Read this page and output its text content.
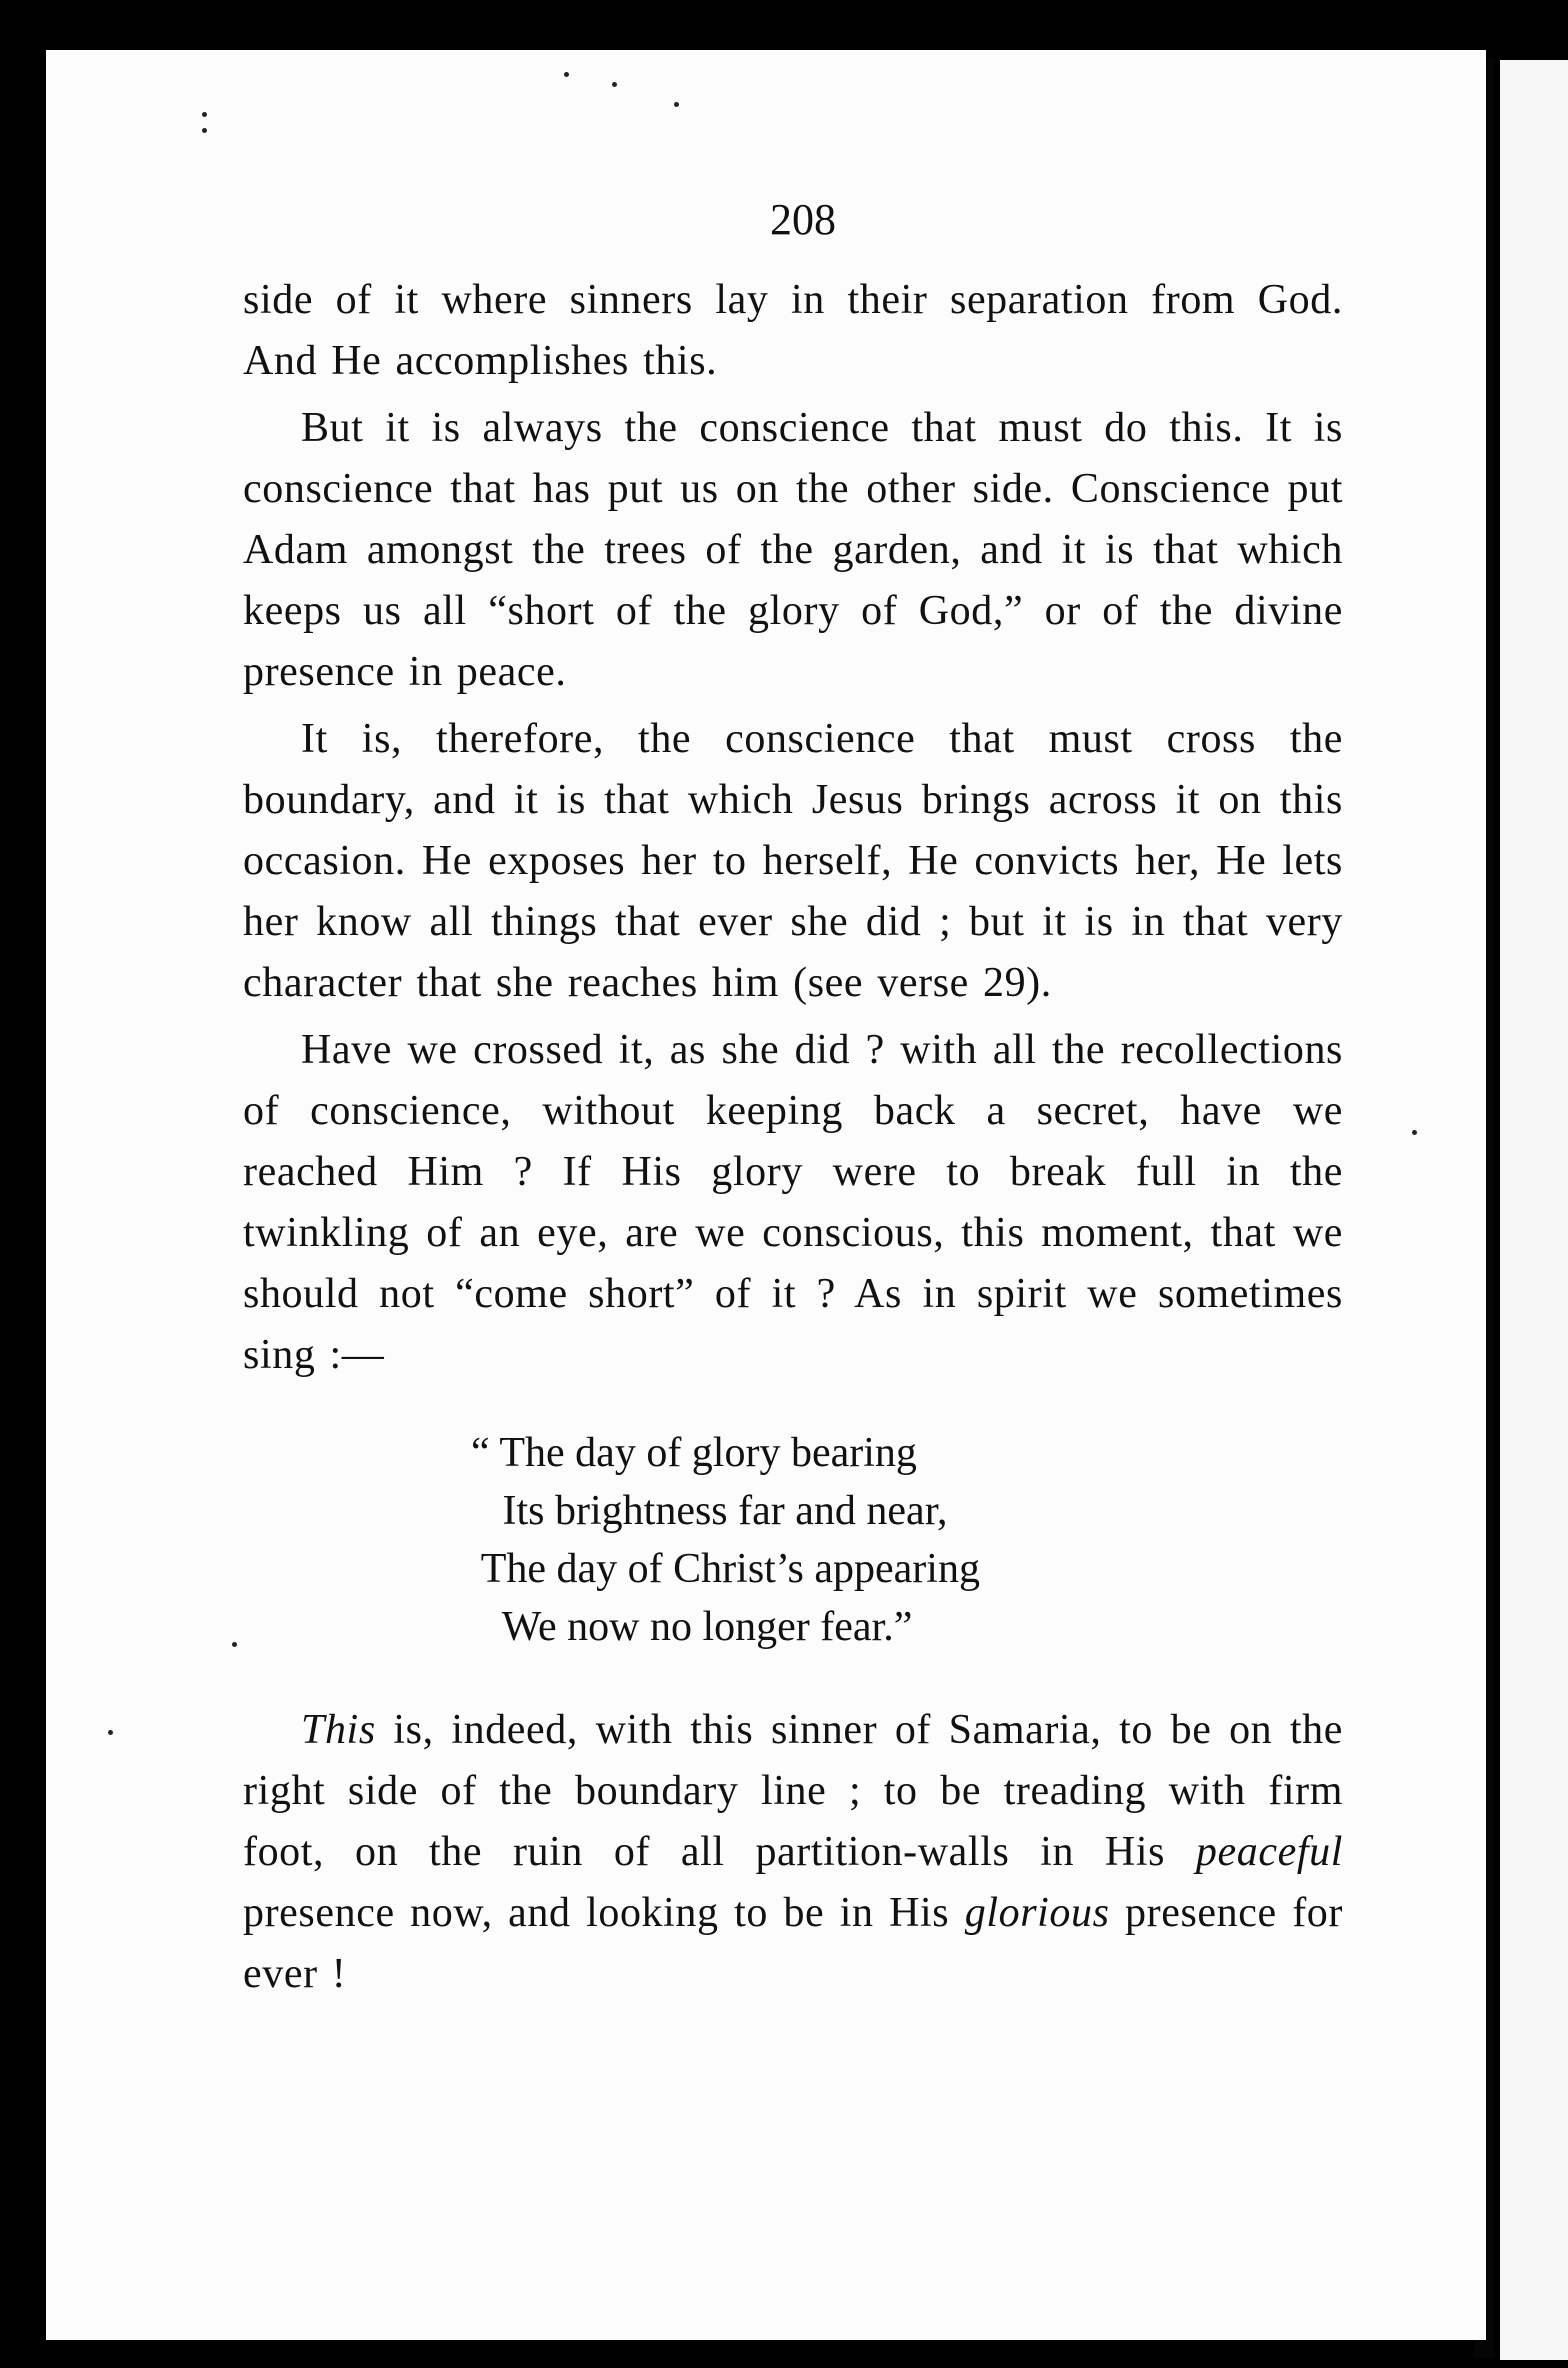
208

side of it where sinners lay in their separation from God. And He accomplishes this.

But it is always the conscience that must do this. It is conscience that has put us on the other side. Conscience put Adam amongst the trees of the garden, and it is that which keeps us all “short of the glory of God,” or of the divine presence in peace.

It is, therefore, the conscience that must cross the boundary, and it is that which Jesus brings across it on this occasion. He exposes her to herself, He convicts her, He lets her know all things that ever she did ; but it is in that very character that she reaches him (see verse 29).

Have we crossed it, as she did ? with all the recollections of conscience, without keeping back a secret, have we reached Him ? If His glory were to break full in the twinkling of an eye, are we conscious, this moment, that we should not “come short” of it ? As in spirit we sometimes sing :—

“ The day of glory bearing
Its brightness far and near,
The day of Christ’s appearing
We now no longer fear.”

This is, indeed, with this sinner of Samaria, to be on the right side of the boundary line ; to be treading with firm foot, on the ruin of all partition-walls in His peaceful presence now, and looking to be in His glorious presence for ever !
